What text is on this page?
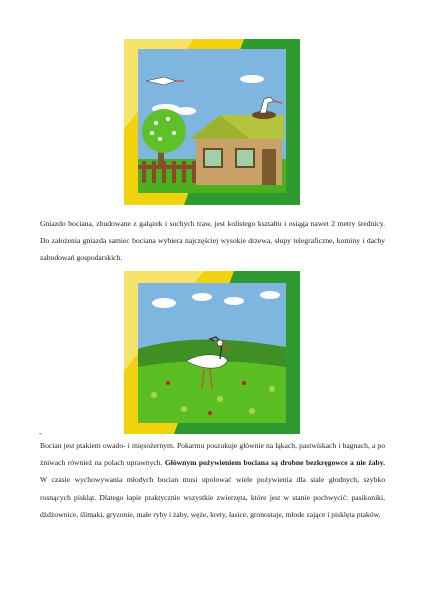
Gniazdo bociana, zbudowane z gałązek i suchych traw, jest kolistego kształtu i osiąga nawet 2 metry średnicy. Do założenia gniazda samiec bociana wybiera najczęściej wysokie drzewa, słupy telegraficzne, kominy i dachy zabudowań gospodarskich.

-

Bocian jest ptakiem owado- i mięsożernym. Pokarmu poszukuje głównie na łąkach, pastwiskach i bagnach, a po żniwach również na polach uprawnych. Głównym pożywieniem bociana są drobne bezkręgowce a nie żaby. W czasie wychowywania młodych bocian musi upolować wiele pożywienia dla stale głodnych, szybko rosnących piskląt. Dlatego łapie praktycznie wszystkie zwierzęta, które jest w stanie pochwycić: pasikoniki, dżdżownice, ślimaki, gryzonie, małe ryby i żaby, węże, krety, łasice, gronostaje, młode zające i pisklęta ptaków.
